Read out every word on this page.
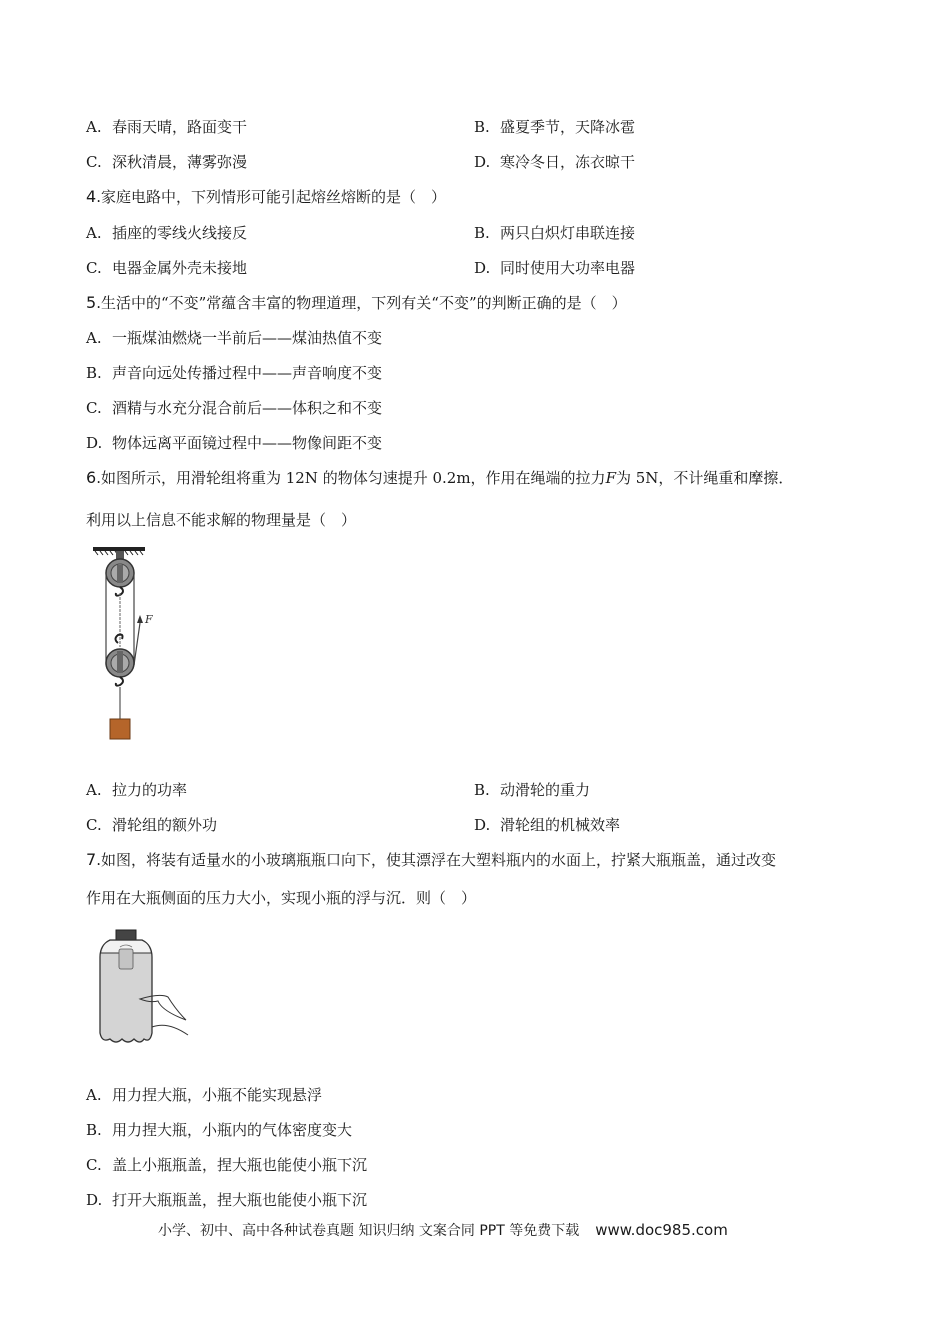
A. 春雨天晴，路面变干	B. 盛夏季节，天降冰雹
C. 深秋清晨，薄雾弥漫	D. 寒冷冬日，冻衣晾干
4.家庭电路中，下列情形可能引起熔丝熔断的是（　）
A. 插座的零线火线接反	B. 两只白炽灯串联连接
C. 电器金属外壳未接地	D. 同时使用大功率电器
5.生活中的“不变”常蕴含丰富的物理道理，下列有关“不变”的判断正确的是（　）
A. 一瓶煤油燃烧一半前后——煤油热值不变
B. 声音向远处传播过程中——声音响度不变
C. 酒精与水充分混合前后——体积之和不变
D. 物体远离平面镜过程中——物像间距不变
6.如图所示，用滑轮组将重为 12N 的物体匀速提升 0.2m，作用在绳端的拉力F为 5N，不计绳重和摩擦．
利用以上信息不能求解的物理量是（　）
F
A. 拉力的功率	B. 动滑轮的重力
C. 滑轮组的额外功	D. 滑轮组的机械效率
7.如图，将装有适量水的小玻璃瓶瓶口向下，使其漂浮在大塑料瓶内的水面上，拧紧大瓶瓶盖，通过改变
作用在大瓶侧面的压力大小，实现小瓶的浮与沉．则（　）
A. 用力捏大瓶，小瓶不能实现悬浮
B. 用力捏大瓶，小瓶内的气体密度变大
C. 盖上小瓶瓶盖，捏大瓶也能使小瓶下沉
D. 打开大瓶瓶盖，捏大瓶也能使小瓶下沉
小学、初中、高中各种试卷真题 知识归纳 文案合同 PPT 等免费下载 www.doc985.com
